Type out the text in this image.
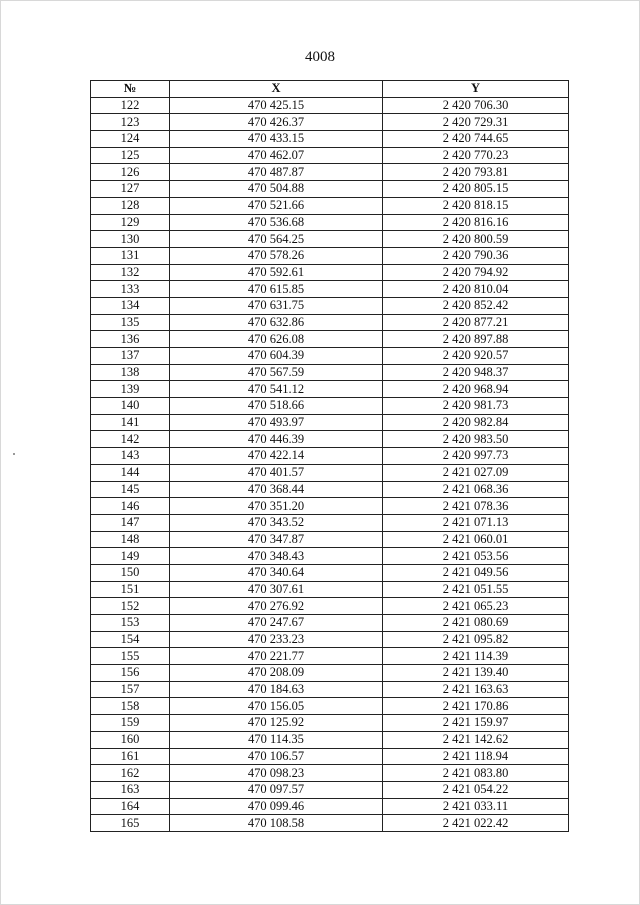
4008
№	X	Y
122	470 425.15	2 420 706.30
123	470 426.37	2 420 729.31
124	470 433.15	2 420 744.65
125	470 462.07	2 420 770.23
126	470 487.87	2 420 793.81
127	470 504.88	2 420 805.15
128	470 521.66	2 420 818.15
129	470 536.68	2 420 816.16
130	470 564.25	2 420 800.59
131	470 578.26	2 420 790.36
132	470 592.61	2 420 794.92
133	470 615.85	2 420 810.04
134	470 631.75	2 420 852.42
135	470 632.86	2 420 877.21
136	470 626.08	2 420 897.88
137	470 604.39	2 420 920.57
138	470 567.59	2 420 948.37
139	470 541.12	2 420 968.94
140	470 518.66	2 420 981.73
141	470 493.97	2 420 982.84
142	470 446.39	2 420 983.50
143	470 422.14	2 420 997.73
144	470 401.57	2 421 027.09
145	470 368.44	2 421 068.36
146	470 351.20	2 421 078.36
147	470 343.52	2 421 071.13
148	470 347.87	2 421 060.01
149	470 348.43	2 421 053.56
150	470 340.64	2 421 049.56
151	470 307.61	2 421 051.55
152	470 276.92	2 421 065.23
153	470 247.67	2 421 080.69
154	470 233.23	2 421 095.82
155	470 221.77	2 421 114.39
156	470 208.09	2 421 139.40
157	470 184.63	2 421 163.63
158	470 156.05	2 421 170.86
159	470 125.92	2 421 159.97
160	470 114.35	2 421 142.62
161	470 106.57	2 421 118.94
162	470 098.23	2 421 083.80
163	470 097.57	2 421 054.22
164	470 099.46	2 421 033.11
165	470 108.58	2 421 022.42
